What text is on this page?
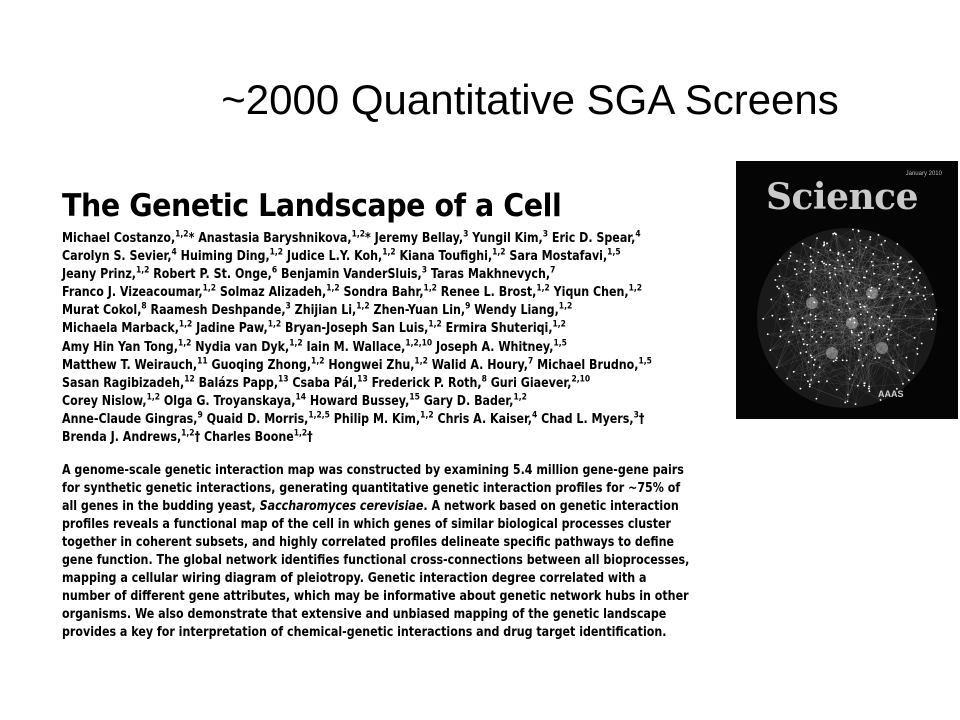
~2000 Quantitative SGA Screens
The Genetic Landscape of a Cell
Michael Costanzo,$^{1,2}$* Anastasia Baryshnikova,$^{1,2}$* Jeremy Bellay,$^3$ Yungil Kim,$^3$ Eric D. Spear,$^4$
Carolyn S. Sevier,$^4$ Huiming Ding,$^{1,2}$ Judice L.Y. Koh,$^{1,2}$ Kiana Toufighi,$^{1,2}$ Sara Mostafavi,$^{1,5}$
Jeany Prinz,$^{1,2}$ Robert P. St. Onge,$^6$ Benjamin VanderSluis,$^3$ Taras Makhnevych,$^7$
Franco J. Vizeacoumar,$^{1,2}$ Solmaz Alizadeh,$^{1,2}$ Sondra Bahr,$^{1,2}$ Renee L. Brost,$^{1,2}$ Yiqun Chen,$^{1,2}$
Murat Cokol,$^8$ Raamesh Deshpande,$^3$ Zhijian Li,$^{1,2}$ Zhen-Yuan Lin,$^9$ Wendy Liang,$^{1,2}$
Michaela Marback,$^{1,2}$ Jadine Paw,$^{1,2}$ Bryan-Joseph San Luis,$^{1,2}$ Ermira Shuteriqi,$^{1,2}$
Amy Hin Yan Tong,$^{1,2}$ Nydia van Dyk,$^{1,2}$ Iain M. Wallace,$^{1,2,10}$ Joseph A. Whitney,$^{1,5}$
Matthew T. Weirauch,$^{11}$ Guoqing Zhong,$^{1,2}$ Hongwei Zhu,$^{1,2}$ Walid A. Houry,$^7$ Michael Brudno,$^{1,5}$
Sasan Ragibizadeh,$^{12}$ Balázs Papp,$^{13}$ Csaba Pál,$^{13}$ Frederick P. Roth,$^8$ Guri Giaever,$^{2,10}$
Corey Nislow,$^{1,2}$ Olga G. Troyanskaya,$^{14}$ Howard Bussey,$^{15}$ Gary D. Bader,$^{1,2}$
Anne-Claude Gingras,$^9$ Quaid D. Morris,$^{1,2,5}$ Philip M. Kim,$^{1,2}$ Chris A. Kaiser,$^4$ Chad L. Myers,$^3$†
Brenda J. Andrews,$^{1,2}$† Charles Boone$^{1,2}$†
A genome-scale genetic interaction map was constructed by examining 5.4 million gene-gene pairs
for synthetic genetic interactions, generating quantitative genetic interaction profiles for ~75% of
all genes in the budding yeast, Saccharomyces cerevisiae. A network based on genetic interaction
profiles reveals a functional map of the cell in which genes of similar biological processes cluster
together in coherent subsets, and highly correlated profiles delineate specific pathways to define
gene function. The global network identifies functional cross-connections between all bioprocesses,
mapping a cellular wiring diagram of pleiotropy. Genetic interaction degree correlated with a
number of different gene attributes, which may be informative about genetic network hubs in other
organisms. We also demonstrate that extensive and unbiased mapping of the genetic landscape
provides a key for interpretation of chemical-genetic interactions and drug target identification.
Science
January 2010
AAAS
